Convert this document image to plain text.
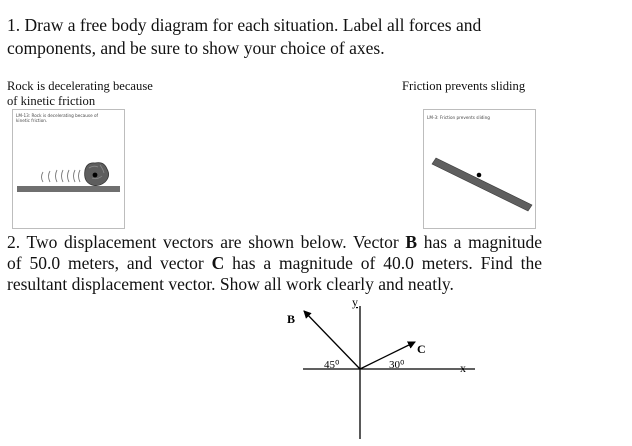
1. Draw a free body diagram for each situation. Label all forces and
components, and be sure to show your choice of axes.

Rock is decelerating because
of kinetic friction
Friction prevents sliding
LM-13: Rock is decelerating because of
kinetic friction.
LM-3: Friction prevents sliding
2. Two displacement vectors are shown below. Vector B has a magnitude
of 50.0 meters, and vector C has a magnitude of 40.0 meters. Find the
resultant displacement vector. Show all work clearly and neatly.
y
x
B
C
45⁰	30⁰
